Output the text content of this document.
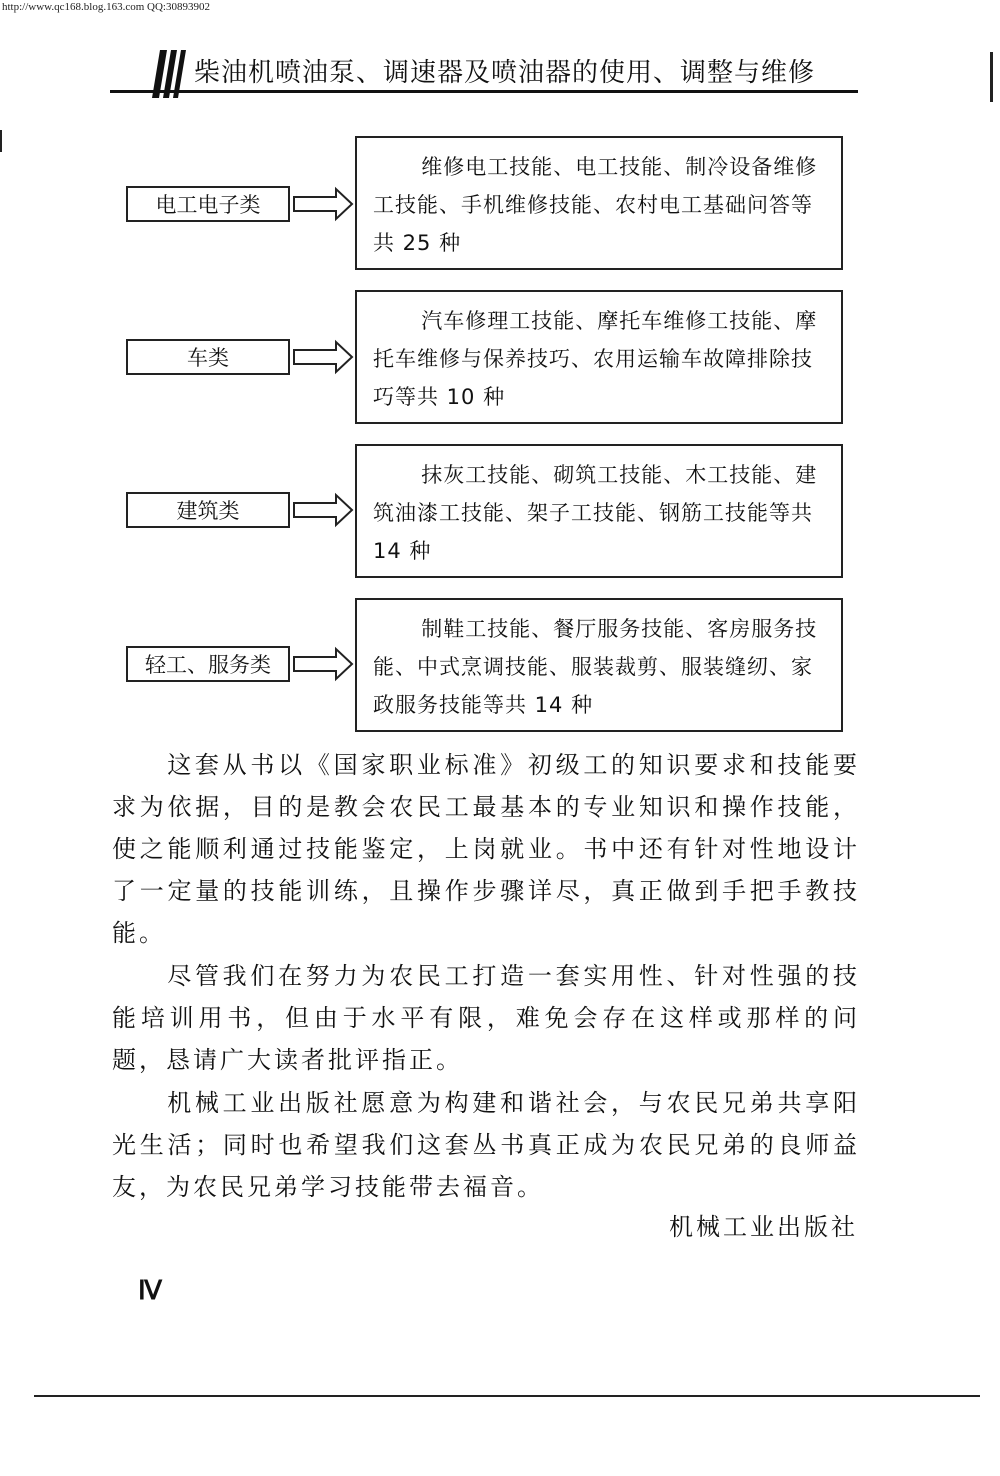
http://www.qc168.blog.163.com QQ:30893902
柴油机喷油泵、调速器及喷油器的使用、调整与维修
电工电子类
维修电工技能、电工技能、制冷设备维修工技能、手机维修技能、农村电工基础问答等共 25 种
车类
汽车修理工技能、摩托车维修工技能、摩托车维修与保养技巧、农用运输车故障排除技巧等共 10 种
建筑类
抹灰工技能、砌筑工技能、木工技能、建筑油漆工技能、架子工技能、钢筋工技能等共 14 种
轻工、服务类
制鞋工技能、餐厅服务技能、客房服务技能、中式烹调技能、服装裁剪、服装缝纫、家政服务技能等共 14 种

这套从书以《国家职业标准》初级工的知识要求和技能要求为依据，目的是教会农民工最基本的专业知识和操作技能，使之能顺利通过技能鉴定，上岗就业。书中还有针对性地设计了一定量的技能训练，且操作步骤详尽，真正做到手把手教技能。

尽管我们在努力为农民工打造一套实用性、针对性强的技能培训用书，但由于水平有限，难免会存在这样或那样的问题，恳请广大读者批评指正。

机械工业出版社愿意为构建和谐社会，与农民兄弟共享阳光生活；同时也希望我们这套丛书真正成为农民兄弟的良师益友，为农民兄弟学习技能带去福音。

机械工业出版社
Ⅳ
